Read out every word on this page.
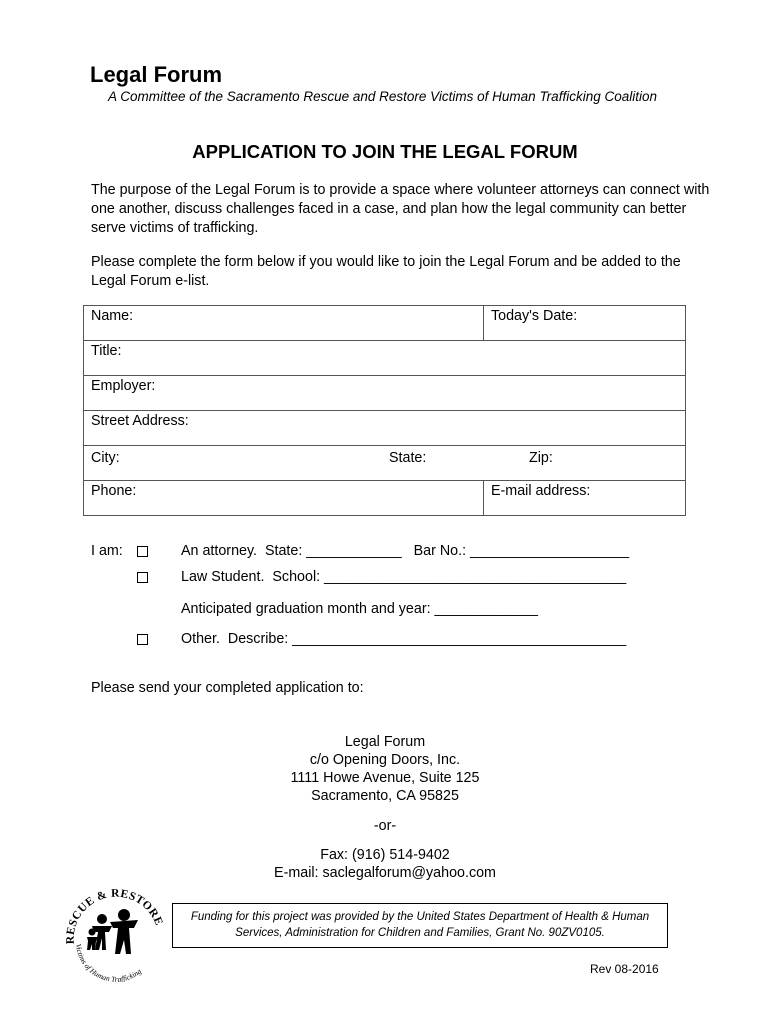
Legal Forum
A Committee of the Sacramento Rescue and Restore Victims of Human Trafficking Coalition
APPLICATION TO JOIN THE LEGAL FORUM
The purpose of the Legal Forum is to provide a space where volunteer attorneys can connect with one another, discuss challenges faced in a case, and plan how the legal community can better serve victims of trafficking.
Please complete the form below if you would like to join the Legal Forum and be added to the Legal Forum e-list.
Name:	Today's Date:
Title:	
Employer:	
Street Address:	

City: State: Zip:	

Phone:	E-mail address:
I am:	An attorney.  State: ____________   Bar No.: ____________________
Law Student.  School: ______________________________________
Anticipated graduation month and year: _____________
Other.  Describe: __________________________________________
Please send your completed application to:
Legal Forum
c/o Opening Doors, Inc.
1111 Howe Avenue, Suite 125
Sacramento, CA 95825
-or-
Fax: (916) 514-9402
E-mail: saclegalforum@yahoo.com
RESCUE & RESTORE
Victims of Human Trafficking
Funding for this project was provided by the United States Department of Health & Human Services, Administration for Children and Families, Grant No. 90ZV0105.
Rev 08-2016
